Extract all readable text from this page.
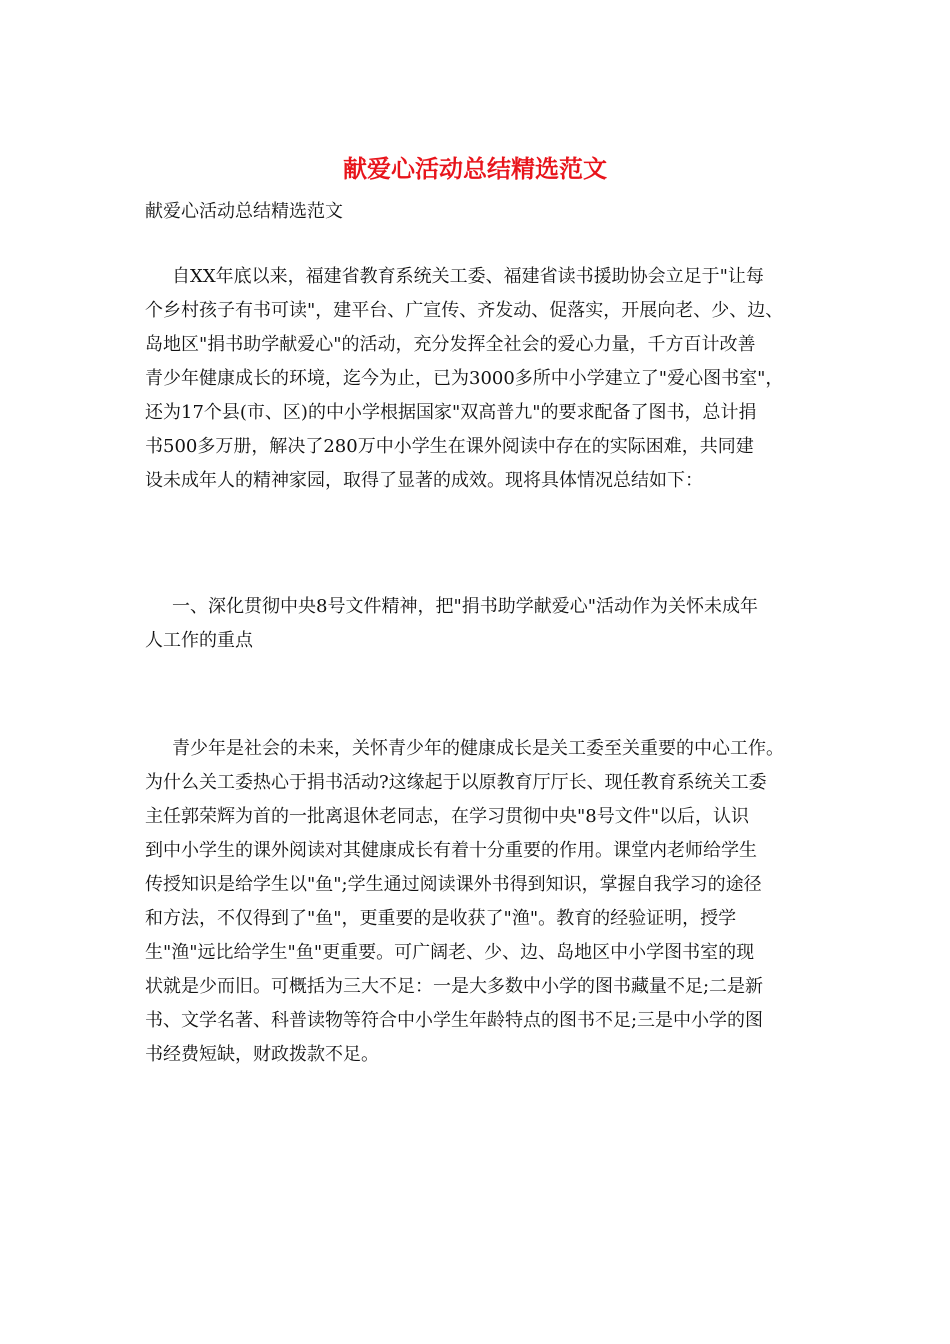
献爱心活动总结精选范文

献爱心活动总结精选范文

自XX年底以来，福建省教育系统关工委、福建省读书援助协会立足于"让每
个乡村孩子有书可读"，建平台、广宣传、齐发动、促落实，开展向老、少、边、
岛地区"捐书助学献爱心"的活动，充分发挥全社会的爱心力量，千方百计改善
青少年健康成长的环境，迄今为止，已为3000多所中小学建立了"爱心图书室"，
还为17个县(市、区)的中小学根据国家"双高普九"的要求配备了图书，总计捐
书500多万册，解决了280万中小学生在课外阅读中存在的实际困难，共同建
设未成年人的精神家园，取得了显著的成效。现将具体情况总结如下：
一、深化贯彻中央8号文件精神，把"捐书助学献爱心"活动作为关怀未成年
人工作的重点
青少年是社会的未来，关怀青少年的健康成长是关工委至关重要的中心工作。
为什么关工委热心于捐书活动?这缘起于以原教育厅厅长、现任教育系统关工委
主任郭荣辉为首的一批离退休老同志，在学习贯彻中央"8号文件"以后，认识
到中小学生的课外阅读对其健康成长有着十分重要的作用。课堂内老师给学生
传授知识是给学生以"鱼";学生通过阅读课外书得到知识，掌握自我学习的途径
和方法，不仅得到了"鱼"，更重要的是收获了"渔"。教育的经验证明，授学
生"渔"远比给学生"鱼"更重要。可广阔老、少、边、岛地区中小学图书室的现
状就是少而旧。可概括为三大不足：一是大多数中小学的图书藏量不足;二是新
书、文学名著、科普读物等符合中小学生年龄特点的图书不足;三是中小学的图
书经费短缺，财政拨款不足。
